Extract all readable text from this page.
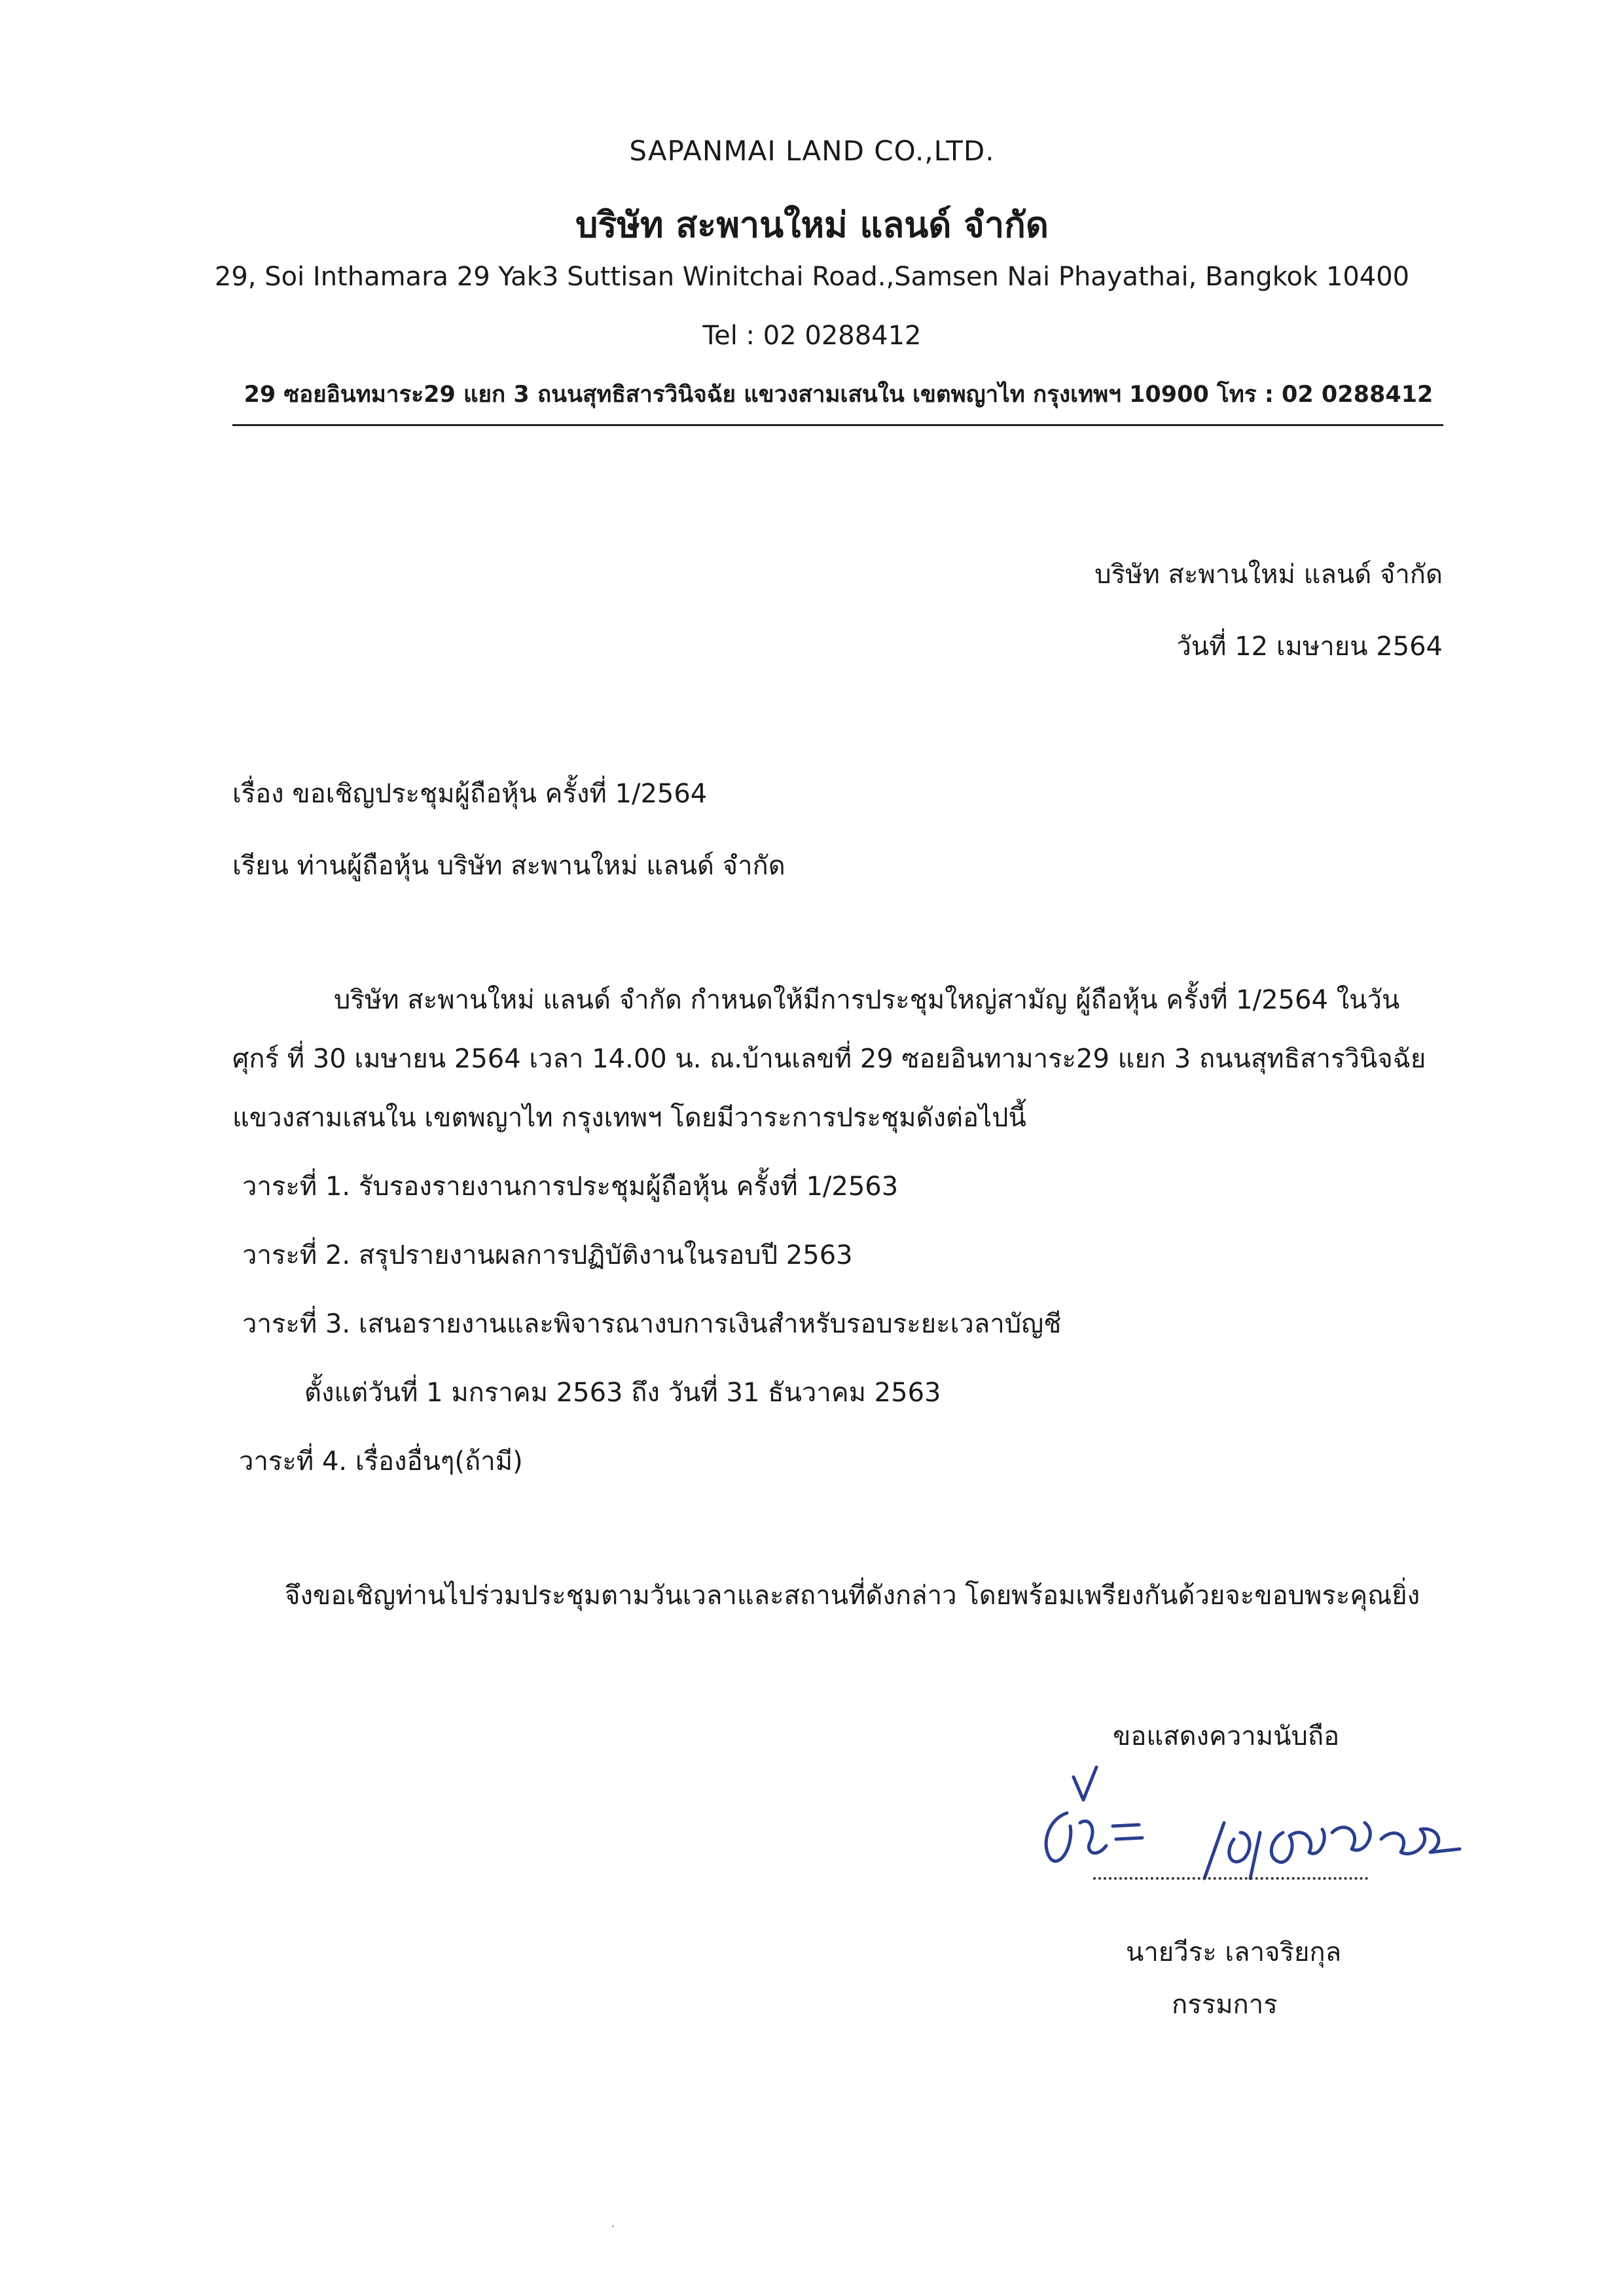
SAPANMAI LAND CO.,LTD.
บริษัท สะพานใหม่ แลนด์ จำกัด
29, Soi Inthamara 29 Yak3 Suttisan Winitchai Road.,Samsen Nai Phayathai, Bangkok 10400
Tel : 02 0288412
29 ซอยอินทมาระ29 แยก 3 ถนนสุทธิสารวินิจฉัย แขวงสามเสนใน เขตพญาไท กรุงเทพฯ 10900 โทร : 02 0288412
บริษัท สะพานใหม่ แลนด์ จำกัด
วันที่ 12 เมษายน 2564
เรื่อง ขอเชิญประชุมผู้ถือหุ้น ครั้งที่ 1/2564
เรียน ท่านผู้ถือหุ้น บริษัท สะพานใหม่ แลนด์ จำกัด
บริษัท สะพานใหม่ แลนด์ จำกัด กำหนดให้มีการประชุมใหญ่สามัญ ผู้ถือหุ้น ครั้งที่ 1/2564 ในวัน
ศุกร์ ที่ 30 เมษายน 2564 เวลา 14.00 น. ณ.บ้านเลขที่ 29 ซอยอินทามาระ29 แยก 3 ถนนสุทธิสารวินิจฉัย
แขวงสามเสนใน เขตพญาไท กรุงเทพฯ โดยมีวาระการประชุมดังต่อไปนี้
วาระที่ 1. รับรองรายงานการประชุมผู้ถือหุ้น ครั้งที่ 1/2563
วาระที่ 2. สรุปรายงานผลการปฏิบัติงานในรอบปี 2563
วาระที่ 3. เสนอรายงานและพิจารณางบการเงินสำหรับรอบระยะเวลาบัญชี
ตั้งแต่วันที่ 1 มกราคม 2563 ถึง วันที่ 31 ธันวาคม 2563
วาระที่ 4. เรื่องอื่นๆ(ถ้ามี)
จึงขอเชิญท่านไปร่วมประชุมตามวันเวลาและสถานที่ดังกล่าว โดยพร้อมเพรียงกันด้วยจะขอบพระคุณยิ่ง
ขอแสดงความนับถือ
นายวีระ เลาจริยกุล
กรรมการ
